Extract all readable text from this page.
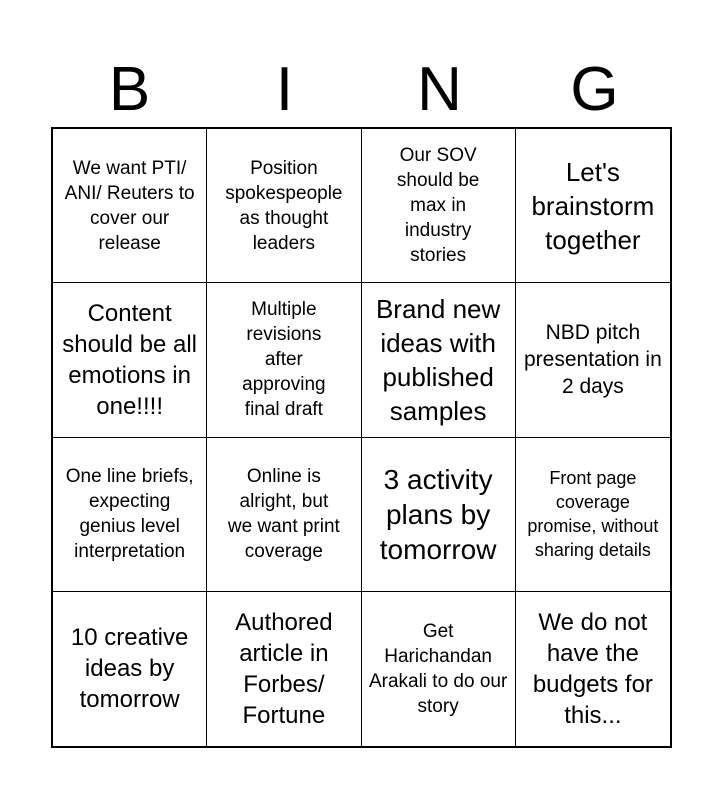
B	I	N	G
We want PTI/ ANI/ Reuters to cover our release
Position spokespeople as thought leaders
Our SOV should be max in industry stories
Let's brainstorm together
Content should be all emotions in one!!!!
Multiple revisions after approving final draft
Brand new ideas with published samples
NBD pitch presentation in 2 days
One line briefs, expecting genius level interpretation
Online is alright, but we want print coverage
3 activity plans by tomorrow
Front page coverage promise, without sharing details
10 creative ideas by tomorrow
Authored article in Forbes/ Fortune
Get Harichandan Arakali to do our story
We do not have the budgets for this...
